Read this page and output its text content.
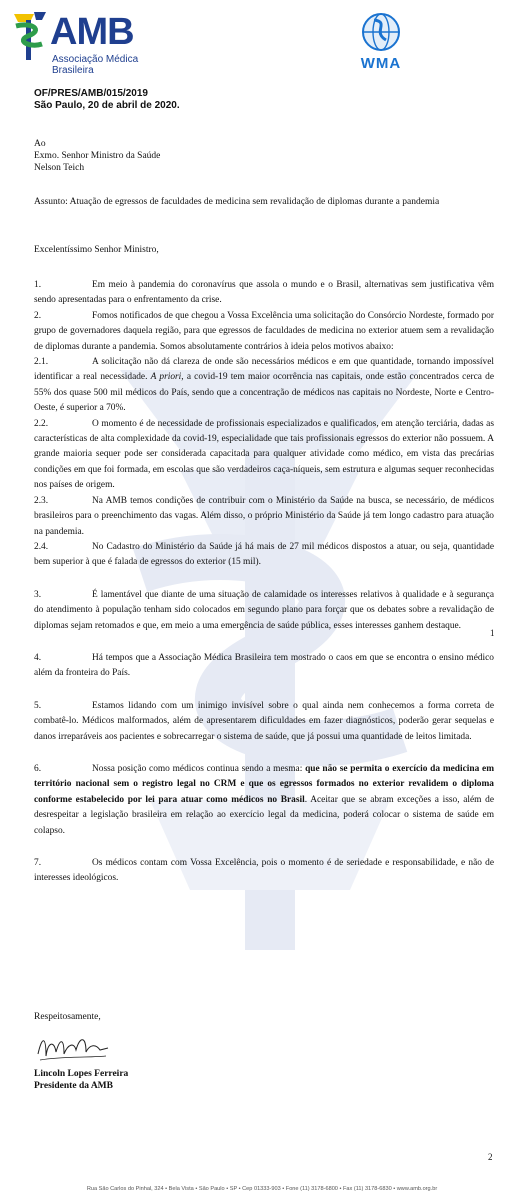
AMB
Associação Médica Brasileira	WMA
OF/PRES/AMB/015/2019
São Paulo, 20 de abril de 2020.
Ao
Exmo. Senhor Ministro da Saúde
Nelson Teich
Assunto: Atuação de egressos de faculdades de medicina sem revalidação de diplomas durante a pandemia
Excelentíssimo Senhor Ministro,

1.	Em meio à pandemia do coronavírus que assola o mundo e o Brasil, alternativas sem justificativa vêm sendo apresentadas para o enfrentamento da crise.

2.	Fomos notificados de que chegou a Vossa Excelência uma solicitação do Consórcio Nordeste, formado por grupo de governadores daquela região, para que egressos de faculdades de medicina no exterior atuem sem a revalidação de diplomas durante a pandemia. Somos absolutamente contrários à ideia pelos motivos abaixo:

2.1.	A solicitação não dá clareza de onde são necessários médicos e em que quantidade, tornando impossível identificar a real necessidade. A priori, a covid-19 tem maior ocorrência nas capitais, onde estão concentrados cerca de 55% dos quase 500 mil médicos do País, sendo que a concentração de médicos nas capitais no Nordeste, Norte e Centro-Oeste, é superior a 70%.

2.2.	O momento é de necessidade de profissionais especializados e qualificados, em atenção terciária, dadas as características de alta complexidade da covid-19, especialidade que tais profissionais egressos do exterior não possuem. A grande maioria sequer pode ser considerada capacitada para qualquer atividade como médico, em vista das precárias condições em que foi formada, em escolas que são verdadeiros caça-níqueis, sem estrutura e algumas sequer reconhecidas nos países de origem.

2.3.	Na AMB temos condições de contribuir com o Ministério da Saúde na busca, se necessário, de médicos brasileiros para o preenchimento das vagas. Além disso, o próprio Ministério da Saúde já tem longo cadastro para atuação na pandemia.

2.4.	No Cadastro do Ministério da Saúde já há mais de 27 mil médicos dispostos a atuar, ou seja, quantidade bem superior à que é falada de egressos do exterior (15 mil).

3.	É lamentável que diante de uma situação de calamidade os interesses relativos à qualidade e à segurança do atendimento à população tenham sido colocados em segundo plano para forçar que os debates sobre a revalidação de diplomas sejam retomados e que, em meio a uma emergência de saúde pública, esses interesses ganhem destaque.

4.	Há tempos que a Associação Médica Brasileira tem mostrado o caos em que se encontra o ensino médico além da fronteira do País.

5.	Estamos lidando com um inimigo invisível sobre o qual ainda nem conhecemos a forma correta de combatê-lo. Médicos malformados, além de apresentarem dificuldades em fazer diagnósticos, poderão gerar sequelas e danos irreparáveis aos pacientes e sobrecarregar o sistema de saúde, que já possui uma quantidade de leitos limitada.

6.	Nossa posição como médicos continua sendo a mesma: que não se permita o exercício da medicina em território nacional sem o registro legal no CRM e que os egressos formados no exterior revalidem o diploma conforme estabelecido por lei para atuar como médicos no Brasil. Aceitar que se abram exceções a isso, além de desrespeitar a legislação brasileira em relação ao exercício legal da medicina, poderá colocar o sistema de saúde em colapso.

7.	Os médicos contam com Vossa Excelência, pois o momento é de seriedade e responsabilidade, e não de interesses ideológicos.

1
Respeitosamente,
Lincoln Lopes Ferreira
Presidente da AMB
2
Rua São Carlos do Pinhal, 324 • Bela Vista • São Paulo • SP • Cep 01333-903 • Fone (11) 3178-6800 • Fax (11) 3178-6830 • www.amb.org.br
